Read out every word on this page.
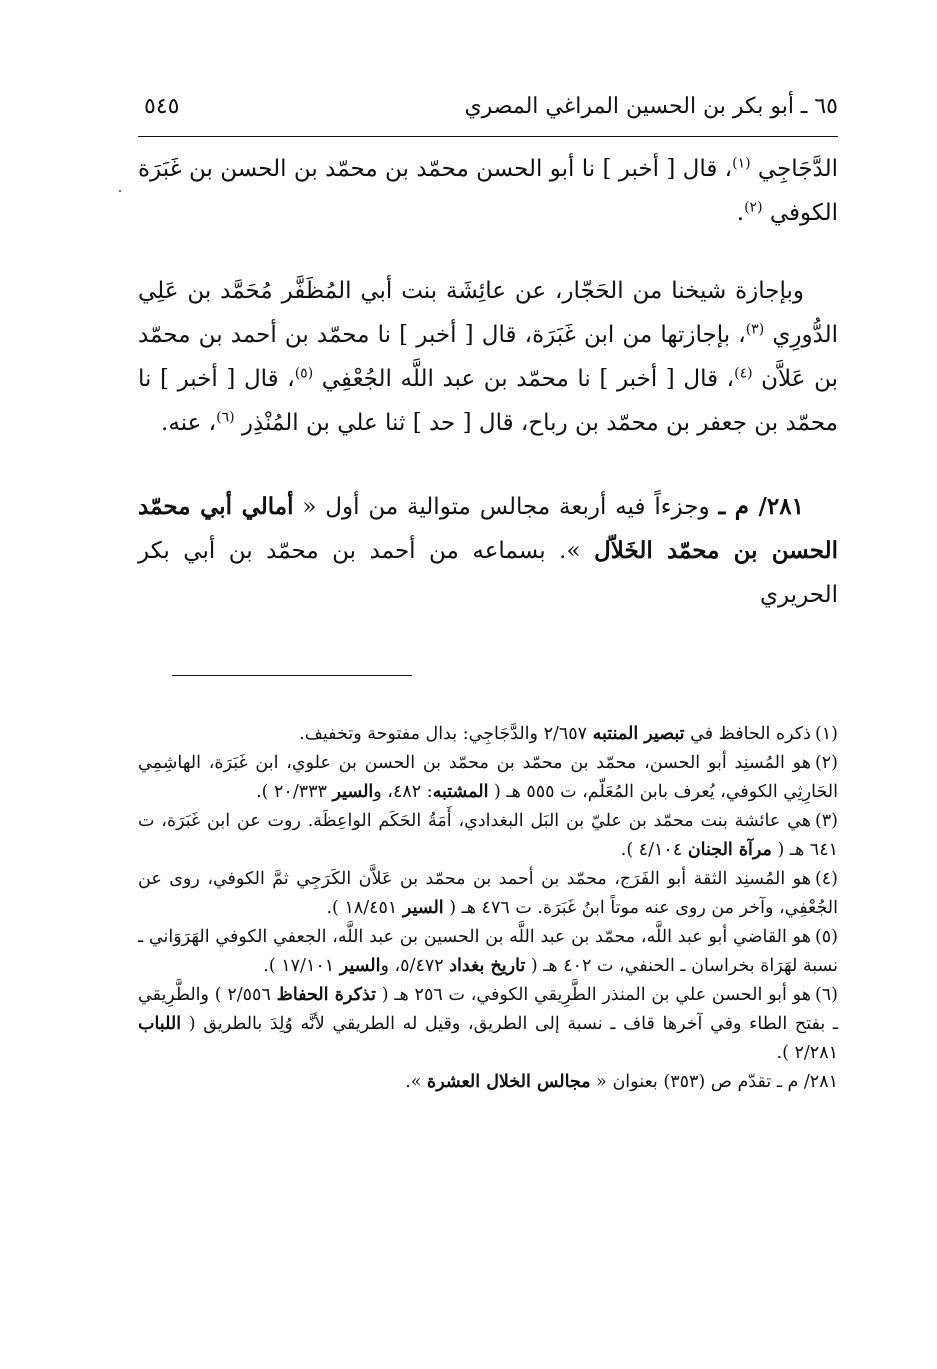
٦٥ ـ أبو بكر بن الحسين المراغي المصري
٥٤٥

الدَّجَاجِي $^{(١)}$، قال [ أخبر ] نا أبو الحسن محمّد بن محمّد بن الحسن بن غَبَرَة الكوفي $^{(٢)}$.

وبإجازة شيخنا من الحَجّار، عن عائِشَة بنت أبي المُظَفَّر مُحَمَّد بن عَلِي الدُّورِي $^{(٣)}$، بإجازتها من ابن غَبَرَة، قال [ أخبر ] نا محمّد بن أحمد بن محمّد بن عَلاَّن $^{(٤)}$، قال [ أخبر ] نا محمّد بن عبد اللَّه الجُعْفِي $^{(٥)}$، قال [ أخبر ] نا محمّد بن جعفر بن محمّد بن رباح، قال [ حد ] ثنا علي بن المُنْذِر $^{(٦)}$، عنه.

٢٨١/ م ـ وجزءاً فيه أربعة مجالس متوالية من أول « أمالي أبي محمّد الحسن بن محمّد الخَلاّل ». بسماعه من أحمد بن محمّد بن أبي بكر الحريري

(١)ذكره الحافظ في تبصير المنتبه ٢/٦٥٧ والدَّجَاجِي: بدال مفتوحة وتخفيف.

(٢)هو المُسنِد أبو الحسن، محمّد بن محمّد بن محمّد بن الحسن بن علوي، ابن غَبَرَة، الهاشِمِي الحَارِثِي الكوفي، يُعرف بابن المُعَلّم، ت ٥٥٥ هـ ( المشتبه: ٤٨٢، والسير ٢٠/٣٣٣ ).

(٣)هي عائشة بنت محمّد بن عليّ بن البَل البغدادي، أَمَةُ الحَكَم الواعِظَة. روت عن ابن غَبَرَة، ت ٦٤١ هـ ( مرآة الجنان ٤/١٠٤ ).

(٤)هو المُسنِد الثقة أبو الفَرَج، محمّد بن أحمد بن محمّد بن عَلاَّن الكَرَجِي ثمَّ الكوفي، روى عن الجُعْفِي، وآخر من روى عنه موتاً ابنُ غَبَرَة. ت ٤٧٦ هـ ( السير ١٨/٤٥١ ).

(٥)هو القاضي أبو عبد اللَّه، محمّد بن عبد اللَّه بن الحسين بن عبد اللَّه، الجعفي الكوفي الهَرَوَاني ـ نسبة لهَرَاة بخراسان ـ الحنفي، ت ٤٠٢ هـ ( تاريخ بغداد ٥/٤٧٢، والسير ١٧/١٠١ ).

(٦)هو أبو الحسن علي بن المنذر الطَّرِيقي الكوفي، ت ٢٥٦ هـ ( تذكرة الحفاظ ٢/٥٥٦ ) والطَّرِيقي ـ بفتح الطاء وفي آخرها قاف ـ نسبة إلى الطريق، وقيل له الطريقي لأنَّه وُلِدَ بالطريق ( اللباب ٢/٢٨١ ).

٢٨١/ م ـ تقدّم ص (٣٥٣) بعنوان « مجالس الخلال العشرة ».
